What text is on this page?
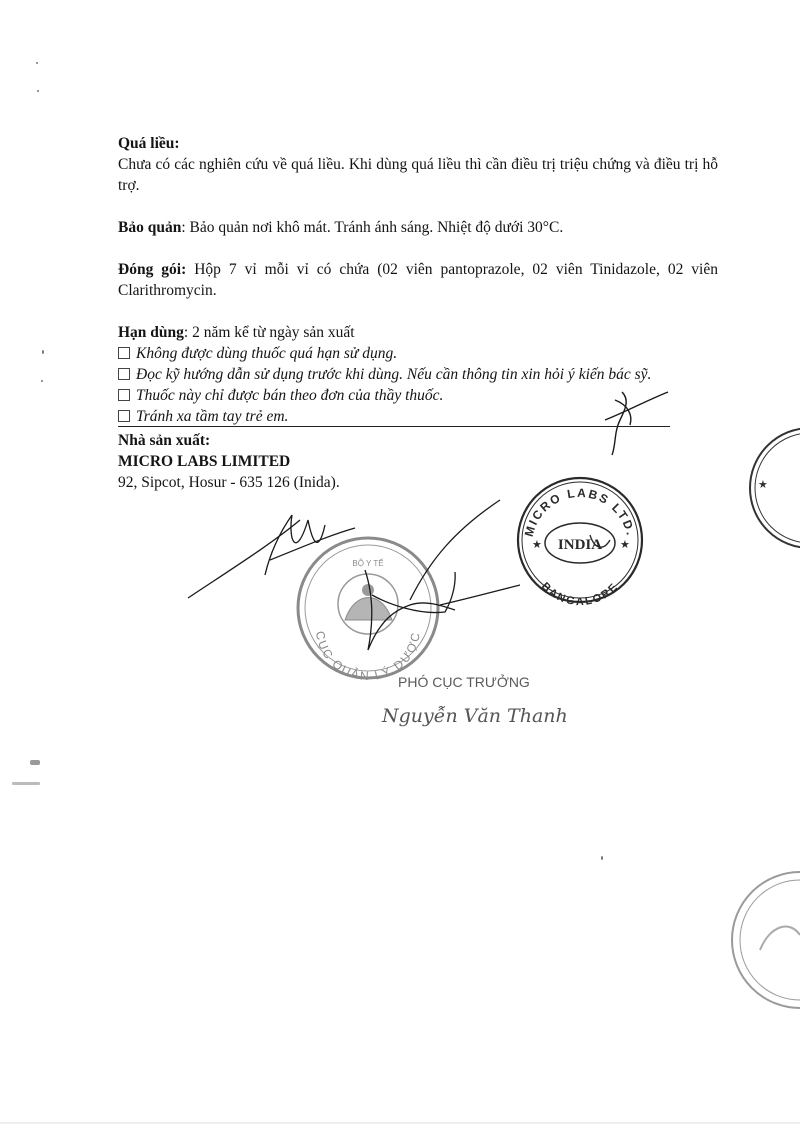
Quá liều:
Chưa có các nghiên cứu về quá liều. Khi dùng quá liều thì cần điều trị triệu chứng và điều trị hỗ trợ.
Bảo quản: Bảo quản nơi khô mát. Tránh ánh sáng. Nhiệt độ dưới 30°C.
Đóng gói: Hộp 7 vỉ mỗi vỉ có chứa (02 viên pantoprazole, 02 viên Tinidazole, 02 viên Clarithromycin.
Hạn dùng: 2 năm kể từ ngày sản xuất
Không được dùng thuốc quá hạn sử dụng.
Đọc kỹ hướng dẫn sử dụng trước khi dùng. Nếu cần thông tin xin hỏi ý kiến bác sỹ.
Thuốc này chỉ được bán theo đơn của thầy thuốc.
Tránh xa tầm tay trẻ em.
Nhà sản xuất:
MICRO LABS LIMITED
92, Sipcot, Hosur - 635 126 (Inida).
MICRO LABS LTD.
BANGALORE
INDIA
★	★
★
BỘ Y TẾ
CỤC QUẢN LÝ DƯỢC
PHÓ CỤC TRƯỞNG
Nguyễn Văn Thanh
